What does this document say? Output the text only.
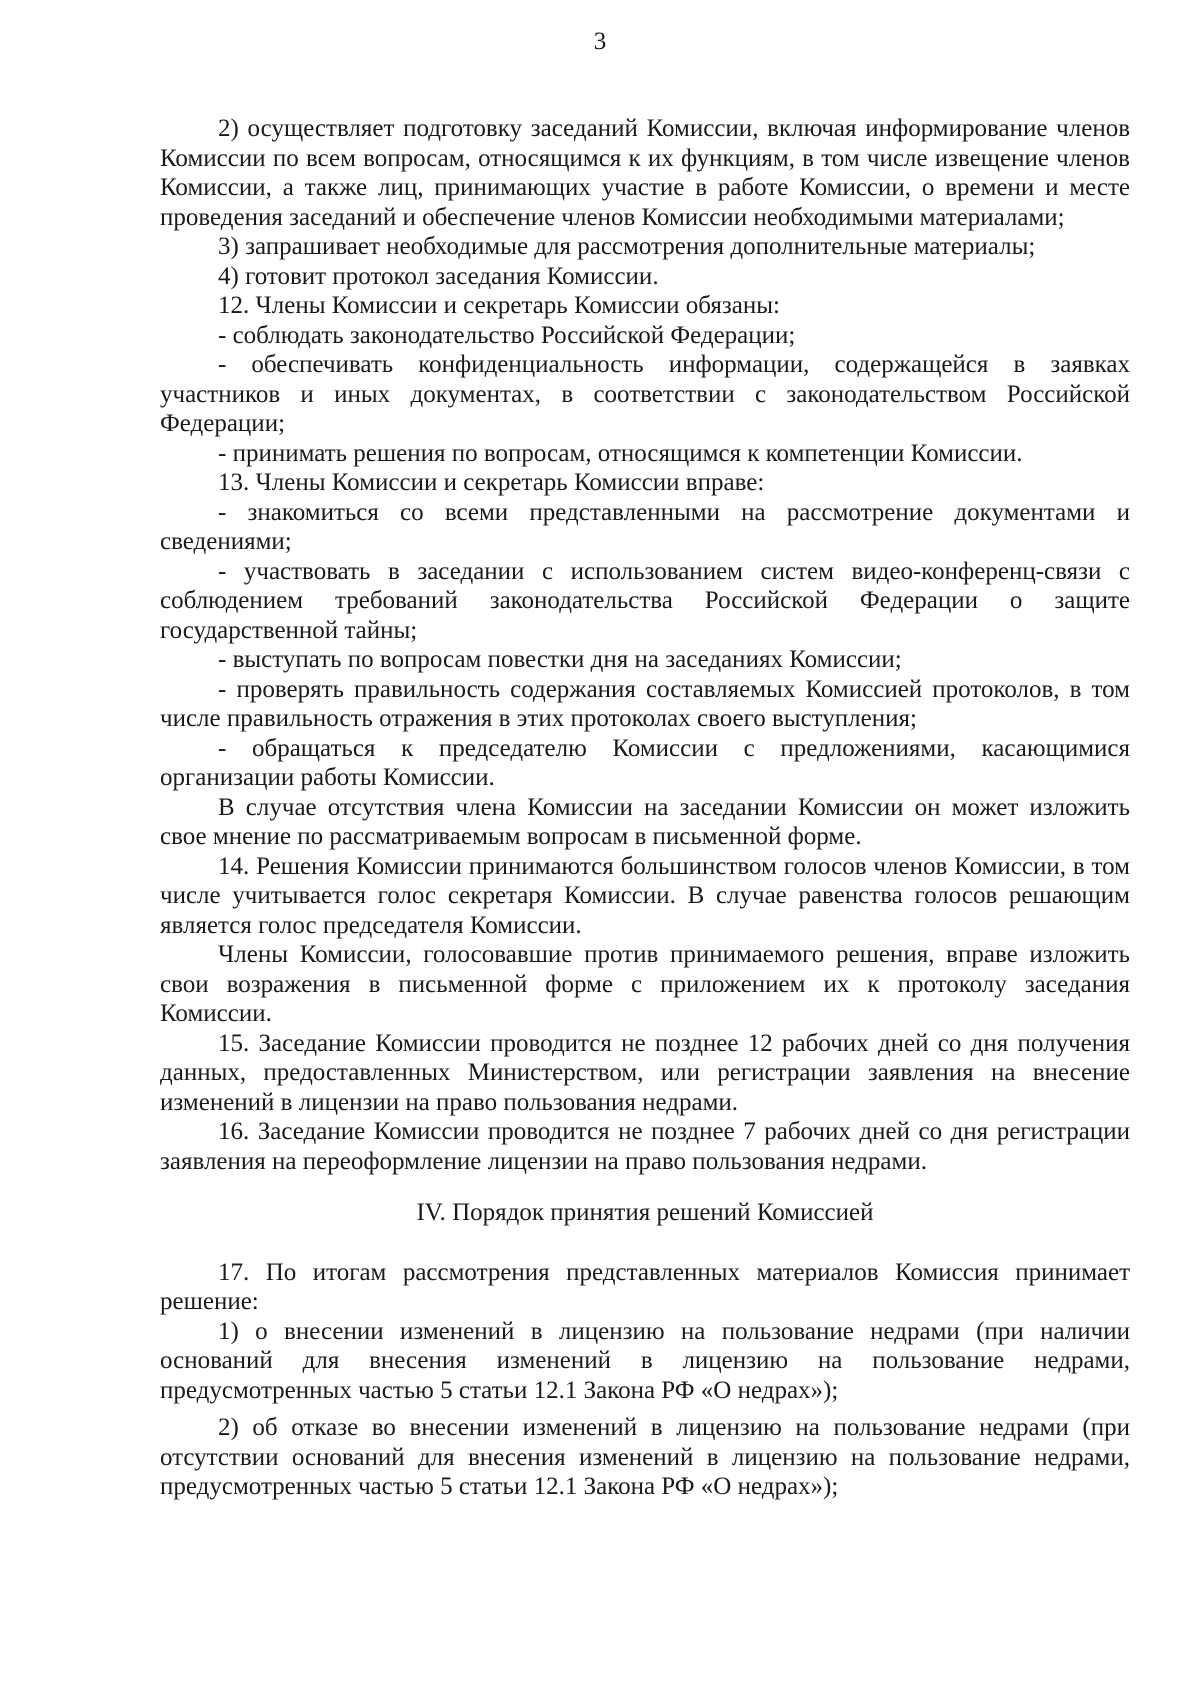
3

2) осуществляет подготовку заседаний Комиссии, включая информирование членов Комиссии по всем вопросам, относящимся к их функциям, в том числе извещение членов Комиссии, а также лиц, принимающих участие в работе Комиссии, о времени и месте проведения заседаний и обеспечение членов Комиссии необходимыми материалами;

3) запрашивает необходимые для рассмотрения дополнительные материалы;

4) готовит протокол заседания Комиссии.

12. Члены Комиссии и секретарь Комиссии обязаны:

- соблюдать законодательство Российской Федерации;

- обеспечивать конфиденциальность информации, содержащейся в заявках участников и иных документах, в соответствии с законодательством Российской Федерации;

- принимать решения по вопросам, относящимся к компетенции Комиссии.

13. Члены Комиссии и секретарь Комиссии вправе:

- знакомиться со всеми представленными на рассмотрение документами и сведениями;

- участвовать в заседании с использованием систем видео-конференц-связи с соблюдением требований законодательства Российской Федерации о защите государственной тайны;

- выступать по вопросам повестки дня на заседаниях Комиссии;

- проверять правильность содержания составляемых Комиссией протоколов, в том числе правильность отражения в этих протоколах своего выступления;

- обращаться к председателю Комиссии с предложениями, касающимися организации работы Комиссии.

В случае отсутствия члена Комиссии на заседании Комиссии он может изложить свое мнение по рассматриваемым вопросам в письменной форме.

14. Решения Комиссии принимаются большинством голосов членов Комиссии, в том числе учитывается голос секретаря Комиссии. В случае равенства голосов решающим является голос председателя Комиссии.

Члены Комиссии, голосовавшие против принимаемого решения, вправе изложить свои возражения в письменной форме с приложением их к протоколу заседания Комиссии.

15. Заседание Комиссии проводится не позднее 12 рабочих дней со дня получения данных, предоставленных Министерством, или регистрации заявления на внесение изменений в лицензии на право пользования недрами.

16. Заседание Комиссии проводится не позднее 7 рабочих дней со дня регистрации заявления на переоформление лицензии на право пользования недрами.

IV. Порядок принятия решений Комиссией

17. По итогам рассмотрения представленных материалов Комиссия принимает решение:

1) о внесении изменений в лицензию на пользование недрами (при наличии оснований для внесения изменений в лицензию на пользование недрами, предусмотренных частью 5 статьи 12.1 Закона РФ «О недрах»);

2) об отказе во внесении изменений в лицензию на пользование недрами (при отсутствии оснований для внесения изменений в лицензию на пользование недрами, предусмотренных частью 5 статьи 12.1 Закона РФ «О недрах»);
